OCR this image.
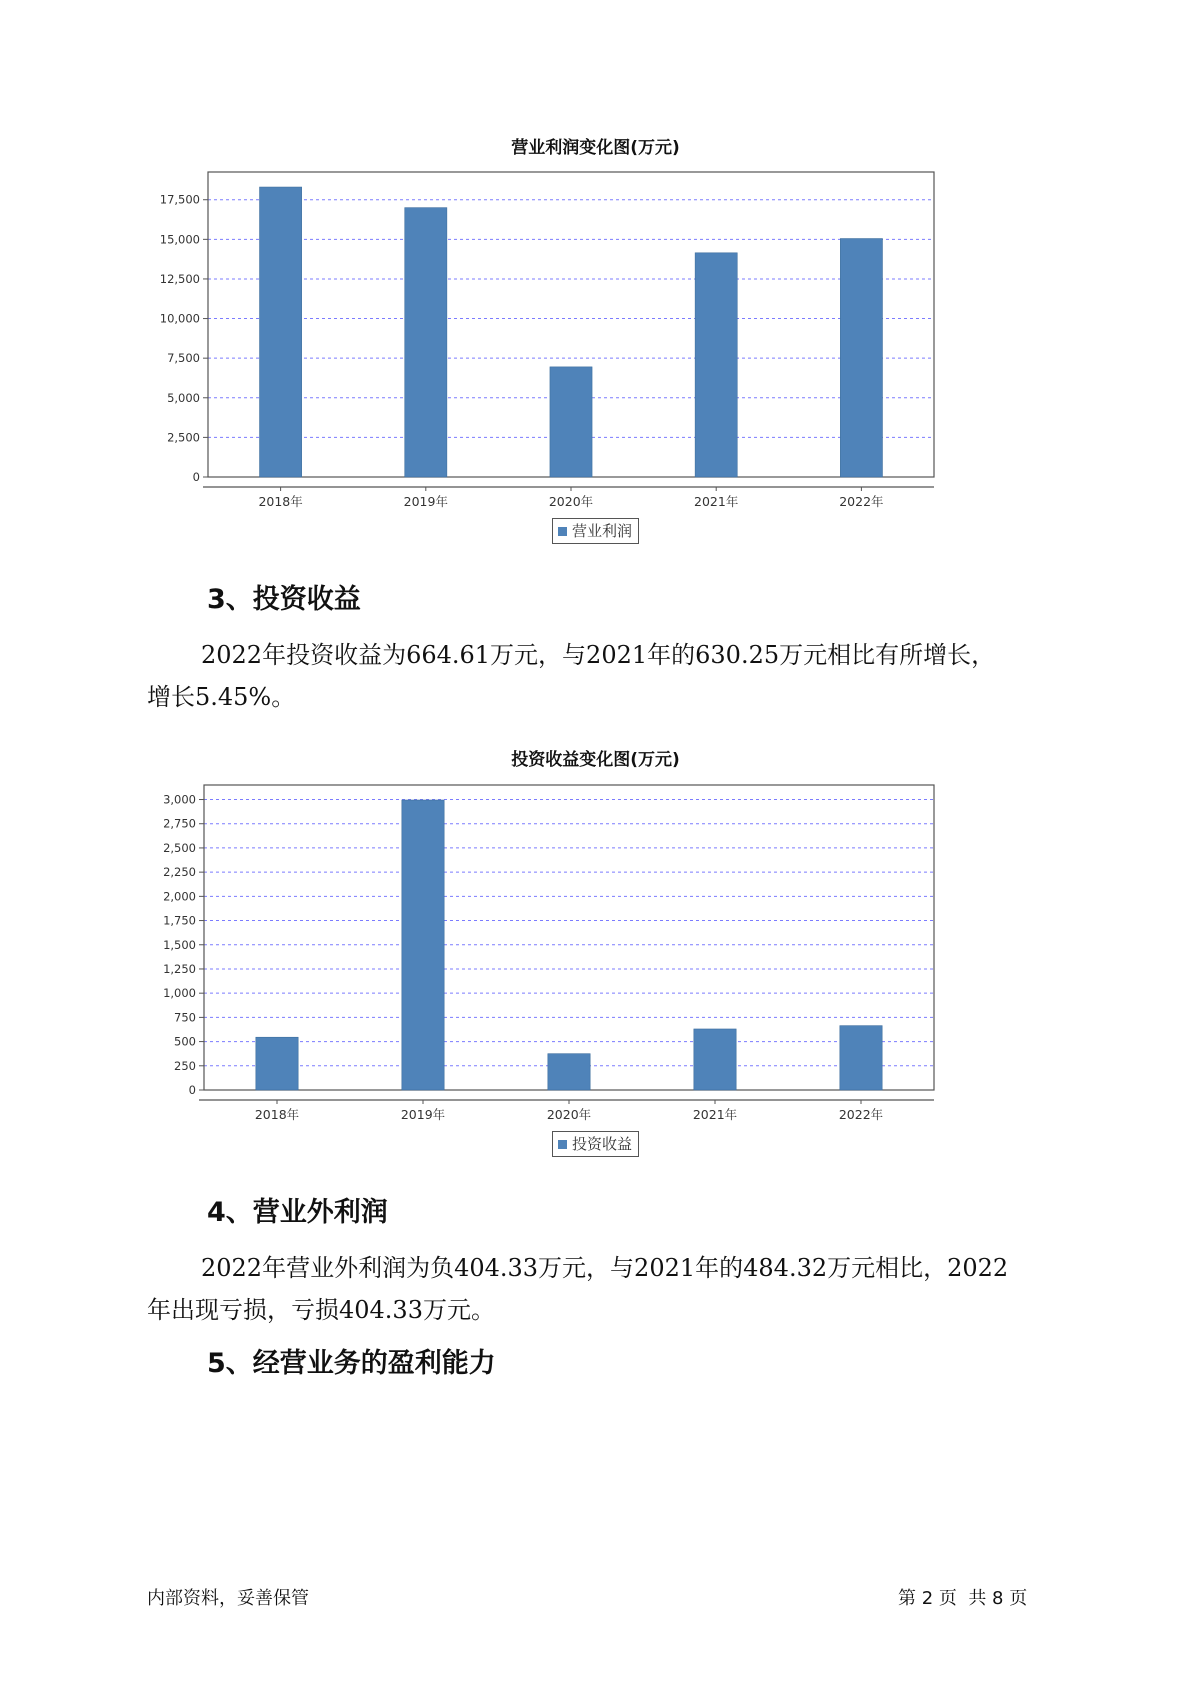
营业利润变化图(万元)
0
2,500
5,000
7,500
10,000
12,500
15,000
17,500
2018年	2019年	2020年	2021年	2022年
营业利润
3、投资收益
2022年投资收益为664.61万元，与2021年的630.25万元相比有所增长，
增长5.45%。
投资收益变化图(万元)
0
250
500
750
1,000
1,250
1,500
1,750
2,000
2,250
2,500
2,750
3,000
2018年	2019年	2020年	2021年	2022年
投资收益
4、营业外利润
2022年营业外利润为负404.33万元，与2021年的484.32万元相比，2022
年出现亏损，亏损404.33万元。
5、经营业务的盈利能力
内部资料，妥善保管	第 2 页  共 8 页
